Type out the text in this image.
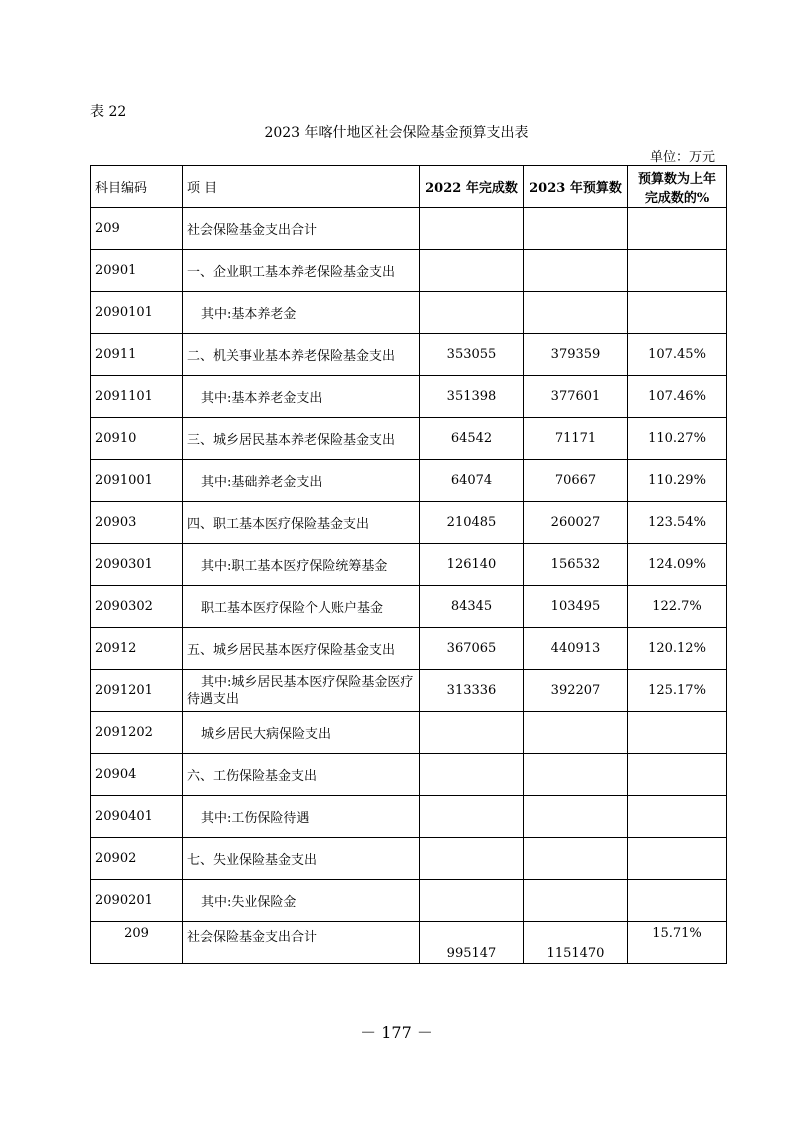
表 22
2023 年喀什地区社会保险基金预算支出表
单位：万元
科目编码	项 目	2022 年完成数	2023 年预算数	预算数为上年完成数的%
209	社会保险基金支出合计			
20901	一、企业职工基本养老保险基金支出			
2090101	其中:基本养老金			
20911	二、机关事业基本养老保险基金支出	353055	379359	107.45%
2091101	其中:基本养老金支出	351398	377601	107.46%
20910	三、城乡居民基本养老保险基金支出	64542	71171	110.27%
2091001	其中:基础养老金支出	64074	70667	110.29%
20903	四、职工基本医疗保险基金支出	210485	260027	123.54%
2090301	其中:职工基本医疗保险统筹基金	126140	156532	124.09%
2090302	职工基本医疗保险个人账户基金	84345	103495	122.7%
20912	五、城乡居民基本医疗保险基金支出	367065	440913	120.12%
2091201	其中:城乡居民基本医疗保险基金医疗待遇支出	313336	392207	125.17%
2091202	城乡居民大病保险支出			
20904	六、工伤保险基金支出			
2090401	其中:工伤保险待遇			
20902	七、失业保险基金支出			
2090201	其中:失业保险金			
209	社会保险基金支出合计	995147	1151470	15.71%
－ 177 －
